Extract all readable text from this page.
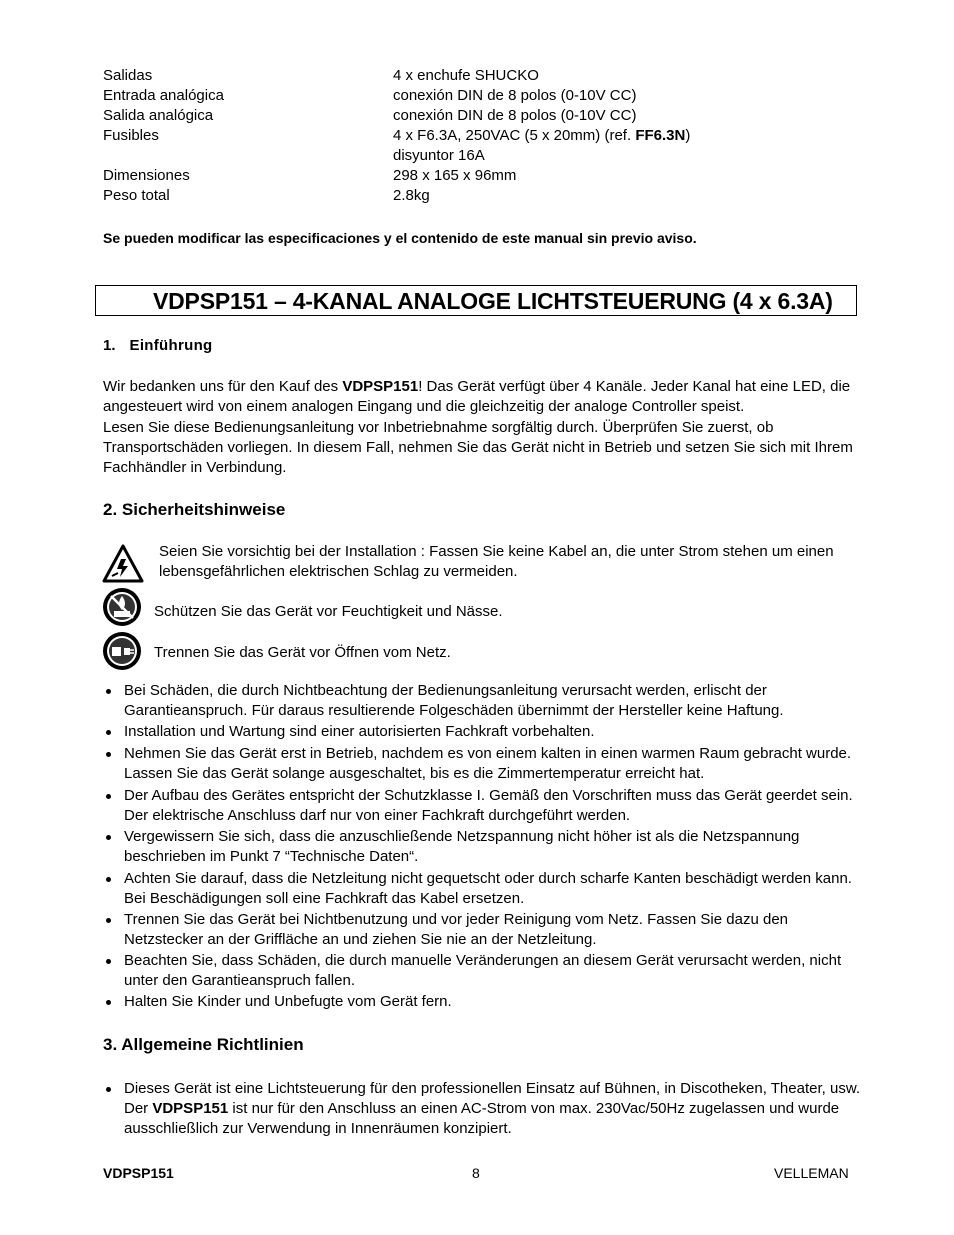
Salidas	4 x enchufe SHUCKO
Entrada analógica	conexión DIN de 8 polos (0-10V CC)
Salida analógica	conexión DIN de 8 polos (0-10V CC)
Fusibles	4 x F6.3A, 250VAC (5 x 20mm) (ref. FF6.3N)
disyuntor 16A
Dimensiones	298 x 165 x 96mm
Peso total	2.8kg
Se pueden modificar las especificaciones y el contenido de este manual sin previo aviso.
VDPSP151 – 4-KANAL ANALOGE LICHTSTEUERUNG (4 x 6.3A)
1. Einführung
Wir bedanken uns für den Kauf des VDPSP151! Das Gerät verfügt über 4 Kanäle. Jeder Kanal hat eine LED, die angesteuert wird von einem analogen Eingang und die gleichzeitig der analoge Controller speist.
Lesen Sie diese Bedienungsanleitung vor Inbetriebnahme sorgfältig durch. Überprüfen Sie zuerst, ob Transportschäden vorliegen. In diesem Fall, nehmen Sie das Gerät nicht in Betrieb und setzen Sie sich mit Ihrem Fachhändler in Verbindung.
2. Sicherheitshinweise
Seien Sie vorsichtig bei der Installation : Fassen Sie keine Kabel an, die unter Strom stehen um einen
lebensgefährlichen elektrischen Schlag zu vermeiden.
Schützen Sie das Gerät vor Feuchtigkeit und Nässe.
Trennen Sie das Gerät vor Öffnen vom Netz.
Bei Schäden, die durch Nichtbeachtung der Bedienungsanleitung verursacht werden, erlischt der Garantieanspruch. Für daraus resultierende Folgeschäden übernimmt der Hersteller keine Haftung.
Installation und Wartung sind einer autorisierten Fachkraft vorbehalten.
Nehmen Sie das Gerät erst in Betrieb, nachdem es von einem kalten in einen warmen Raum gebracht wurde. Lassen Sie das Gerät solange ausgeschaltet, bis es die Zimmertemperatur erreicht hat.
Der Aufbau des Gerätes entspricht der Schutzklasse I. Gemäß den Vorschriften muss das Gerät geerdet sein. Der elektrische Anschluss darf nur von einer Fachkraft durchgeführt werden.
Vergewissern Sie sich, dass die anzuschließende Netzspannung nicht höher ist als die Netzspannung beschrieben im Punkt 7 “Technische Daten“.
Achten Sie darauf, dass die Netzleitung nicht gequetscht oder durch scharfe Kanten beschädigt werden kann. Bei Beschädigungen soll eine Fachkraft das Kabel ersetzen.
Trennen Sie das Gerät bei Nichtbenutzung und vor jeder Reinigung vom Netz. Fassen Sie dazu den Netzstecker an der Griffläche an und ziehen Sie nie an der Netzleitung.
Beachten Sie, dass Schäden, die durch manuelle Veränderungen an diesem Gerät verursacht werden, nicht unter den Garantieanspruch fallen.
Halten Sie Kinder und Unbefugte vom Gerät fern.
3. Allgemeine Richtlinien
Dieses Gerät ist eine Lichtsteuerung für den professionellen Einsatz auf Bühnen, in Discotheken, Theater, usw.
Der VDPSP151 ist nur für den Anschluss an einen AC-Strom von max. 230Vac/50Hz zugelassen und wurde ausschließlich zur Verwendung in Innenräumen konzipiert.
VDPSP151	8	VELLEMAN
